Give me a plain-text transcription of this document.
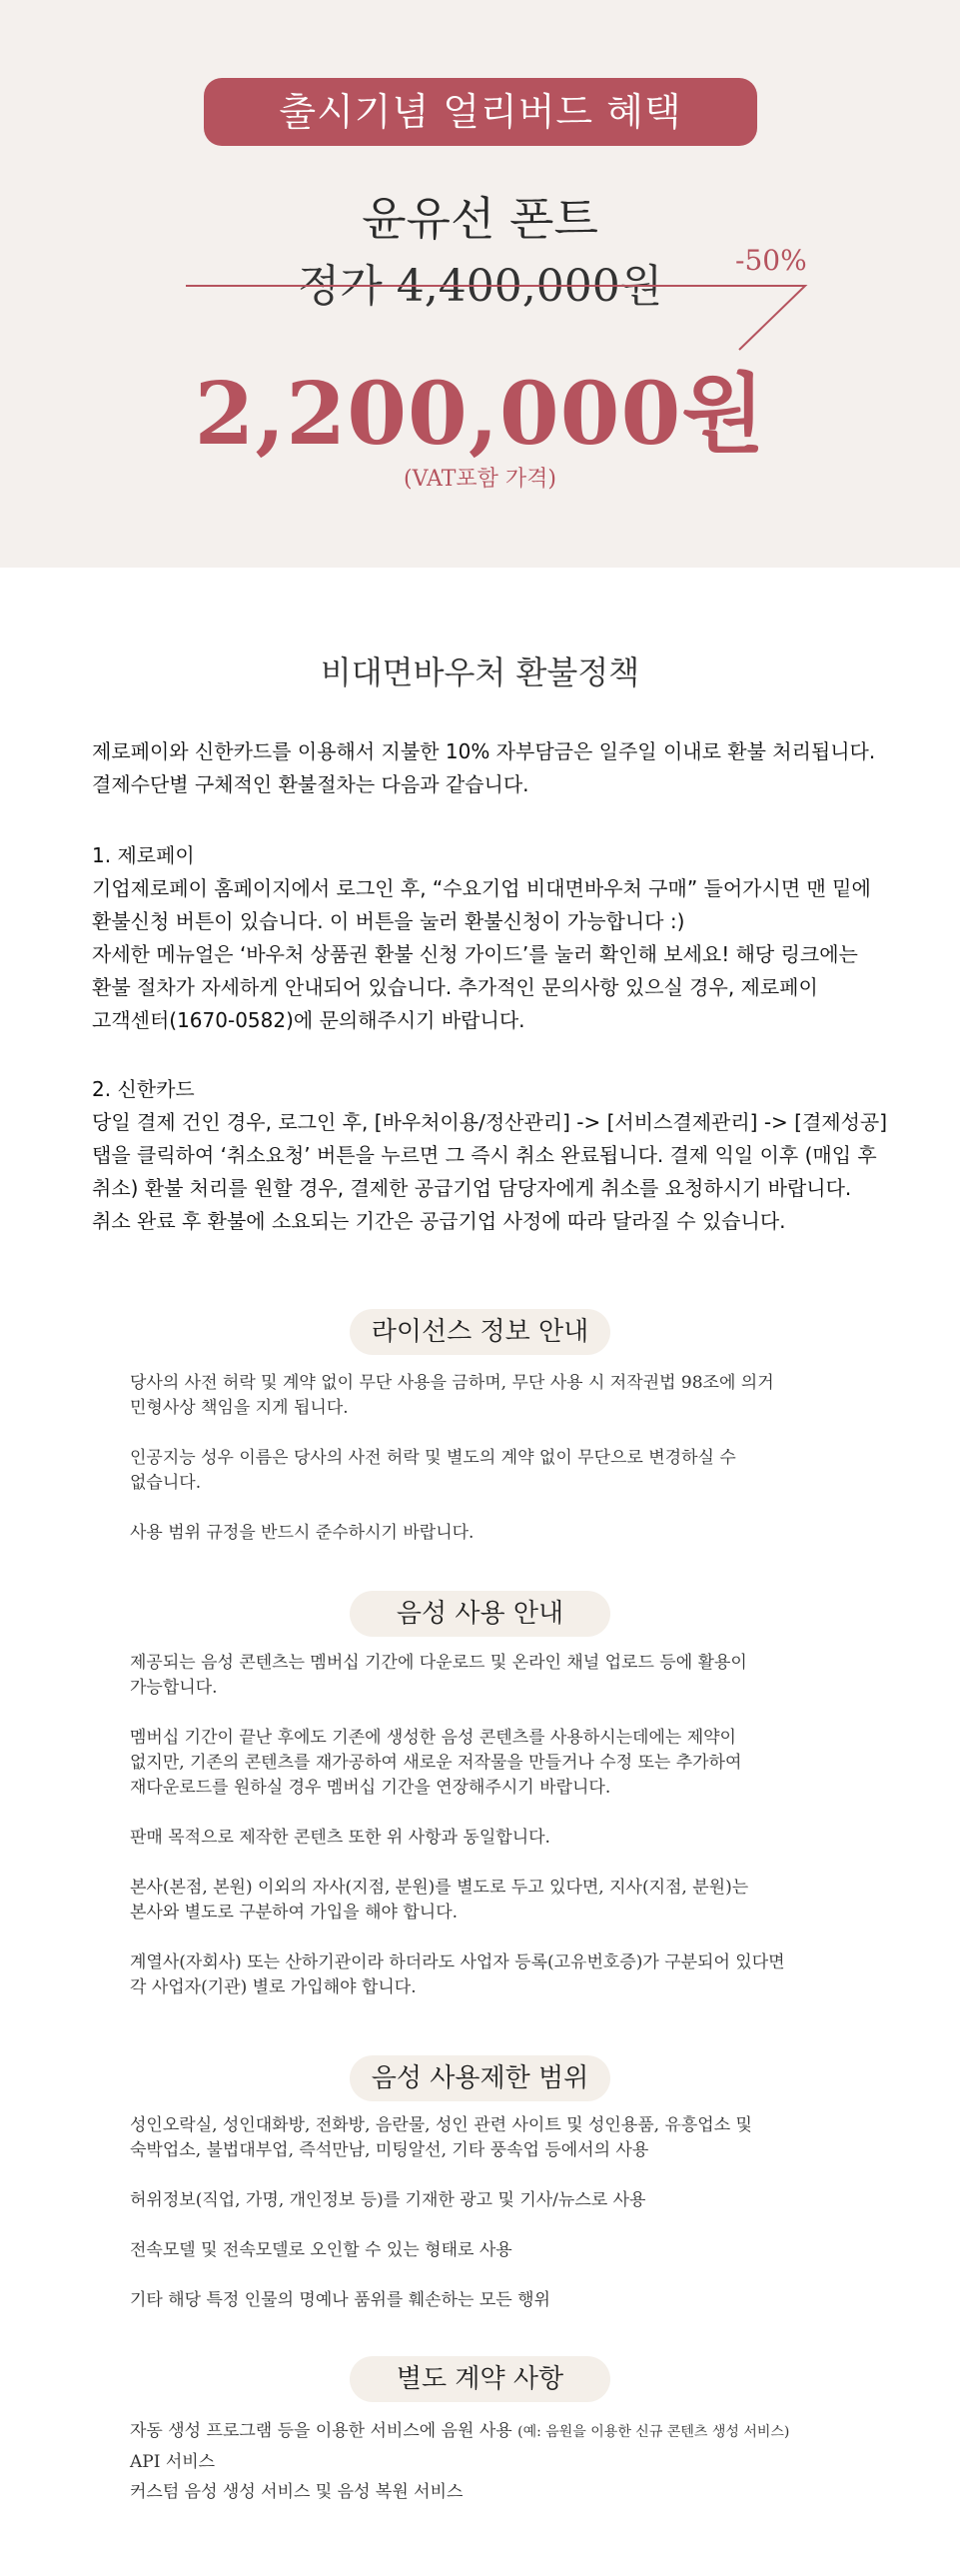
출시기념 얼리버드 혜택
윤유선 폰트
정가 4,400,000원
-50%
2,200,000원
(VAT포함 가격)
비대면바우처 환불정책
제로페이와 신한카드를 이용해서 지불한 10% 자부담금은 일주일 이내로 환불 처리됩니다.
결제수단별 구체적인 환불절차는 다음과 같습니다.
1. 제로페이
기업제로페이 홈페이지에서 로그인 후, “수요기업 비대면바우처 구매” 들어가시면 맨 밑에
환불신청 버튼이 있습니다. 이 버튼을 눌러 환불신청이 가능합니다 :)
자세한 메뉴얼은 ‘바우처 상품권 환불 신청 가이드’를 눌러 확인해 보세요! 해당 링크에는
환불 절차가 자세하게 안내되어 있습니다. 추가적인 문의사항 있으실 경우, 제로페이
고객센터(1670-0582)에 문의해주시기 바랍니다.
2. 신한카드
당일 결제 건인 경우, 로그인 후, [바우처이용/정산관리] -> [서비스결제관리] -> [결제성공]
탭을 클릭하여 ‘취소요청’ 버튼을 누르면 그 즉시 취소 완료됩니다. 결제 익일 이후 (매입 후
취소) 환불 처리를 원할 경우, 결제한 공급기업 담당자에게 취소를 요청하시기 바랍니다.
취소 완료 후 환불에 소요되는 기간은 공급기업 사정에 따라 달라질 수 있습니다.
라이선스 정보 안내
당사의 사전 허락 및 계약 없이 무단 사용을 금하며, 무단 사용 시 저작권법 98조에 의거
민형사상 책임을 지게 됩니다.
인공지능 성우 이름은 당사의 사전 허락 및 별도의 계약 없이 무단으로 변경하실 수
없습니다.
사용 범위 규정을 반드시 준수하시기 바랍니다.
음성 사용 안내
제공되는 음성 콘텐츠는 멤버십 기간에 다운로드 및 온라인 채널 업로드 등에 활용이
가능합니다.
멤버십 기간이 끝난 후에도 기존에 생성한 음성 콘텐츠를 사용하시는데에는 제약이
없지만, 기존의 콘텐츠를 재가공하여 새로운 저작물을 만들거나 수정 또는 추가하여
재다운로드를 원하실 경우 멤버십 기간을 연장해주시기 바랍니다.
판매 목적으로 제작한 콘텐츠 또한 위 사항과 동일합니다.
본사(본점, 본원) 이외의 자사(지점, 분원)를 별도로 두고 있다면, 지사(지점, 분원)는
본사와 별도로 구분하여 가입을 해야 합니다.
계열사(자회사) 또는 산하기관이라 하더라도 사업자 등록(고유번호증)가 구분되어 있다면
각 사업자(기관) 별로 가입해야 합니다.
음성 사용제한 범위
성인오락실, 성인대화방, 전화방, 음란물, 성인 관련 사이트 및 성인용품, 유흥업소 및
숙박업소, 불법대부업, 즉석만남, 미팅알선, 기타 풍속업 등에서의 사용
허위정보(직업, 가명, 개인정보 등)를 기재한 광고 및 기사/뉴스로 사용
전속모델 및 전속모델로 오인할 수 있는 형태로 사용
기타 해당 특정 인물의 명예나 품위를 훼손하는 모든 행위
별도 계약 사항
자동 생성 프로그램 등을 이용한 서비스에 음원 사용 (예: 음원을 이용한 신규 콘텐츠 생성 서비스)
API 서비스
커스텀 음성 생성 서비스 및 음성 복원 서비스
